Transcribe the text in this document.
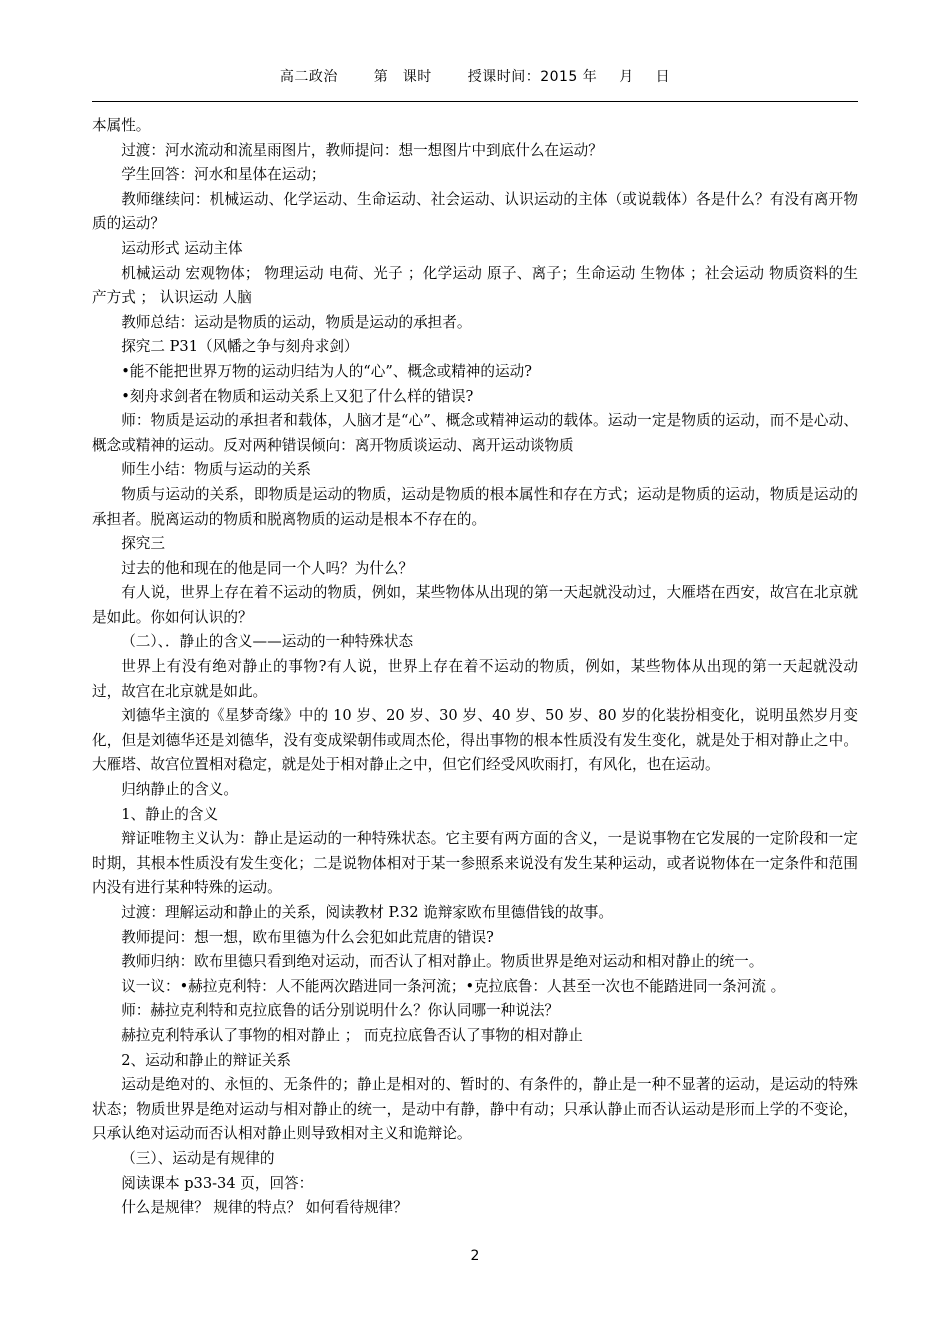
高二政治	第　课时	授课时间：2015 年 月 日

本属性。

过渡：河水流动和流星雨图片，教师提问：想一想图片中到底什么在运动？

学生回答：河水和星体在运动；

教师继续问：机械运动、化学运动、生命运动、社会运动、认识运动的主体（或说载体）各是什么？有没有离开物质的运动？

运动形式 运动主体

机械运动 宏观物体； 物理运动 电荷、光子 ；化学运动 原子、离子；生命运动 生物体 ；社会运动 物质资料的生产方式 ； 认识运动 人脑

教师总结：运动是物质的运动，物质是运动的承担者。

探究二 P31（风幡之争与刻舟求剑）

•能不能把世界万物的运动归结为人的“心”、概念或精神的运动?

•刻舟求剑者在物质和运动关系上又犯了什么样的错误?

师：物质是运动的承担者和载体，人脑才是“心”、概念或精神运动的载体。运动一定是物质的运动，而不是心动、概念或精神的运动。反对两种错误倾向：离开物质谈运动、离开运动谈物质

师生小结：物质与运动的关系

物质与运动的关系，即物质是运动的物质，运动是物质的根本属性和存在方式；运动是物质的运动，物质是运动的承担者。脱离运动的物质和脱离物质的运动是根本不存在的。

探究三

过去的他和现在的他是同一个人吗？为什么？

有人说，世界上存在着不运动的物质，例如，某些物体从出现的第一天起就没动过，大雁塔在西安，故宫在北京就是如此。你如何认识的？

（二）、．静止的含义——运动的一种特殊状态

世界上有没有绝对静止的事物?有人说，世界上存在着不运动的物质，例如，某些物体从出现的第一天起就没动过，故宫在北京就是如此。

刘德华主演的《星梦奇缘》中的 10 岁、20 岁、30 岁、40 岁、50 岁、80 岁的化装扮相变化，说明虽然岁月变化，但是刘德华还是刘德华，没有变成梁朝伟或周杰伦，得出事物的根本性质没有发生变化，就是处于相对静止之中。大雁塔、故宫位置相对稳定，就是处于相对静止之中，但它们经受风吹雨打，有风化，也在运动。

归纳静止的含义。

1、静止的含义

辩证唯物主义认为：静止是运动的一种特殊状态。它主要有两方面的含义，一是说事物在它发展的一定阶段和一定时期，其根本性质没有发生变化；二是说物体相对于某一参照系来说没有发生某种运动，或者说物体在一定条件和范围内没有进行某种特殊的运动。

过渡：理解运动和静止的关系，阅读教材 P.32 诡辩家欧布里德借钱的故事。

教师提问：想一想，欧布里德为什么会犯如此荒唐的错误?

教师归纳：欧布里德只看到绝对运动，而否认了相对静止。物质世界是绝对运动和相对静止的统一。

议一议：•赫拉克利特：人不能两次踏进同一条河流；•克拉底鲁：人甚至一次也不能踏进同一条河流 。

师：赫拉克利特和克拉底鲁的话分别说明什么？你认同哪一种说法？

赫拉克利特承认了事物的相对静止 ； 而克拉底鲁否认了事物的相对静止

2、运动和静止的辩证关系

运动是绝对的、永恒的、无条件的；静止是相对的、暂时的、有条件的，静止是一种不显著的运动，是运动的特殊状态；物质世界是绝对运动与相对静止的统一，是动中有静，静中有动；只承认静止而否认运动是形而上学的不变论，只承认绝对运动而否认相对静止则导致相对主义和诡辩论。

（三）、运动是有规律的

阅读课本 p33-34 页，回答：

什么是规律？ 规律的特点？ 如何看待规律？

2
